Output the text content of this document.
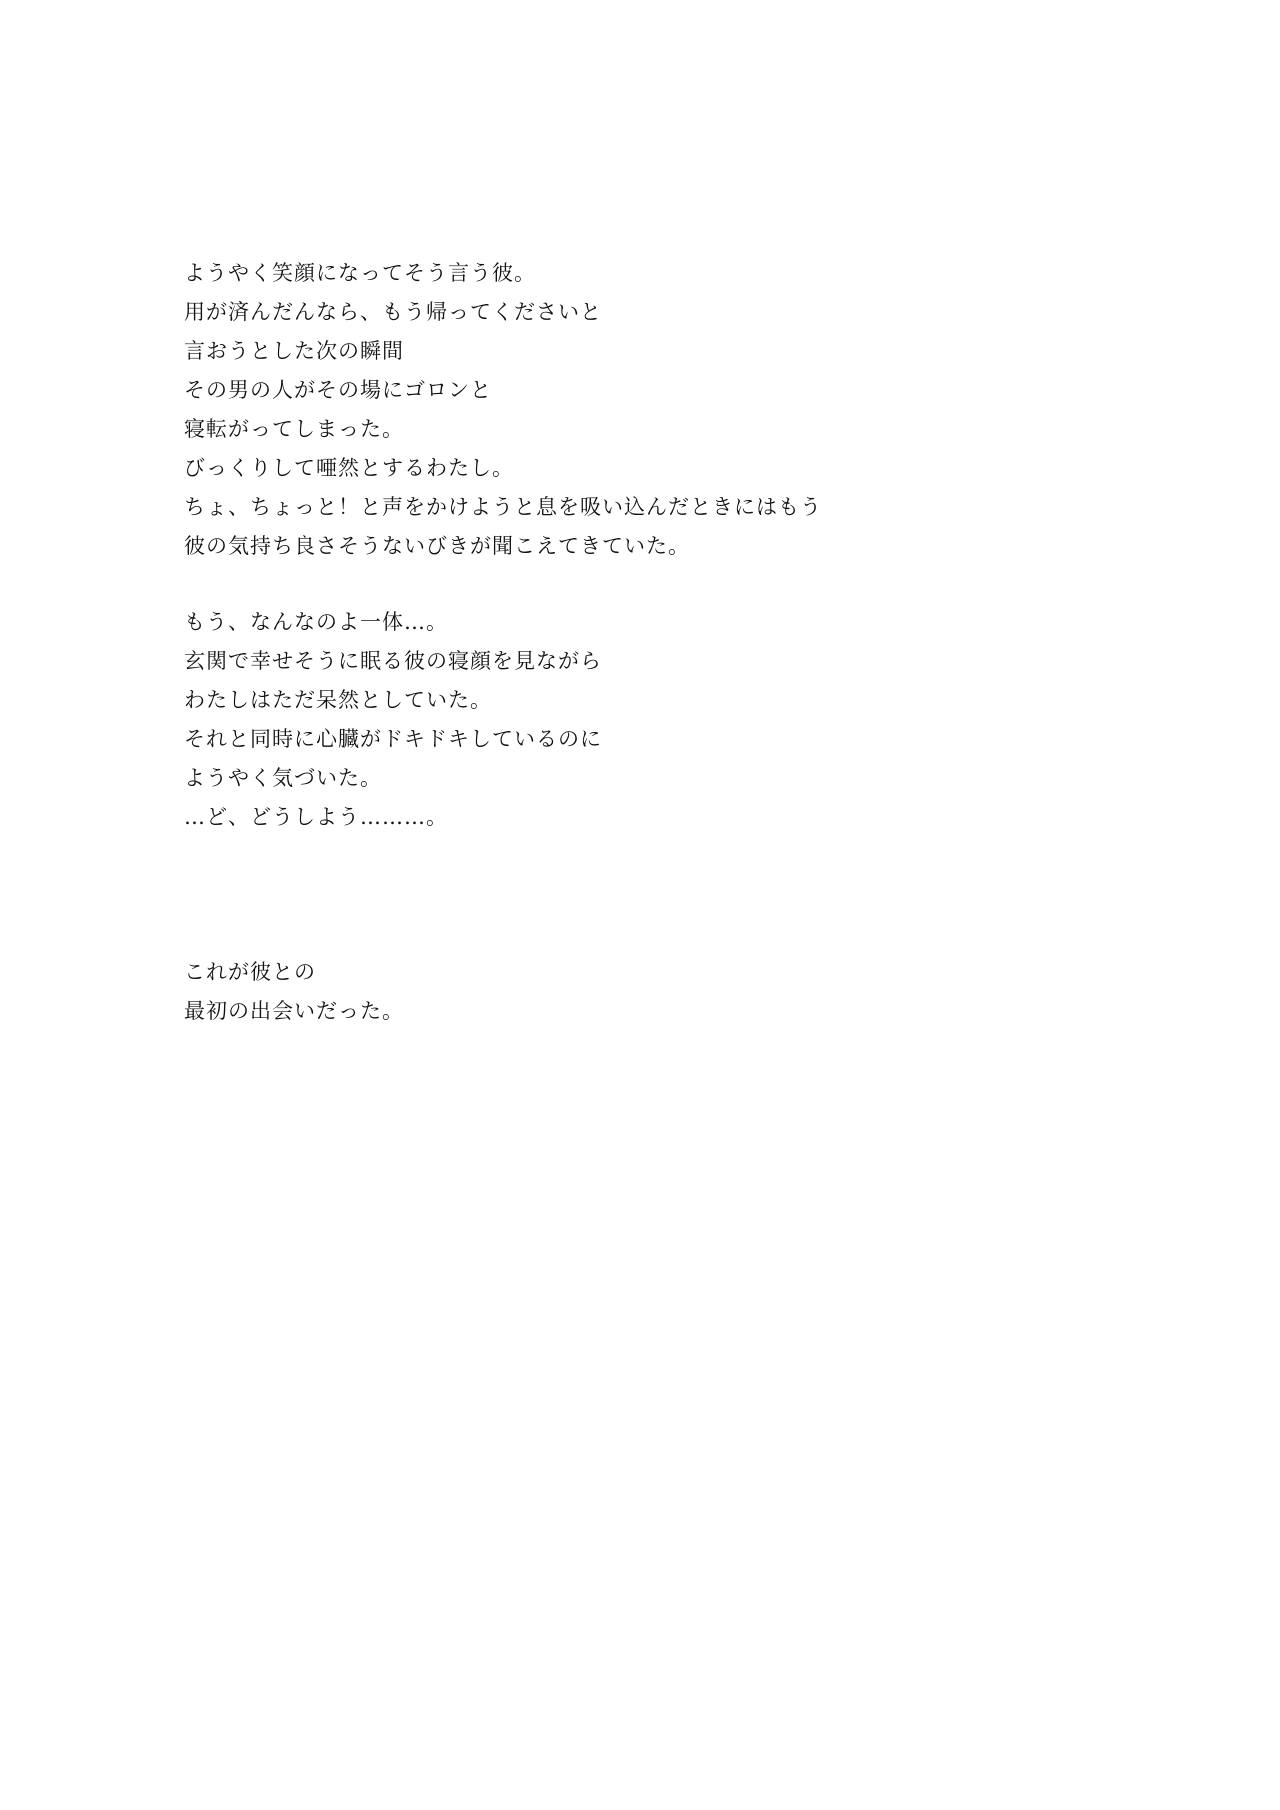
ようやく笑顔になってそう言う彼。
用が済んだんなら、もう帰ってくださいと
言おうとした次の瞬間
その男の人がその場にゴロンと
寝転がってしまった。
びっくりして唖然とするわたし。
ちょ、ちょっと！と声をかけようと息を吸い込んだときにはもう
彼の気持ち良さそうないびきが聞こえてきていた。
もう、なんなのよ一体…。
玄関で幸せそうに眠る彼の寝顔を見ながら
わたしはただ呆然としていた。
それと同時に心臓がドキドキしているのに
ようやく気づいた。
…ど、どうしよう………。
これが彼との
最初の出会いだった。
